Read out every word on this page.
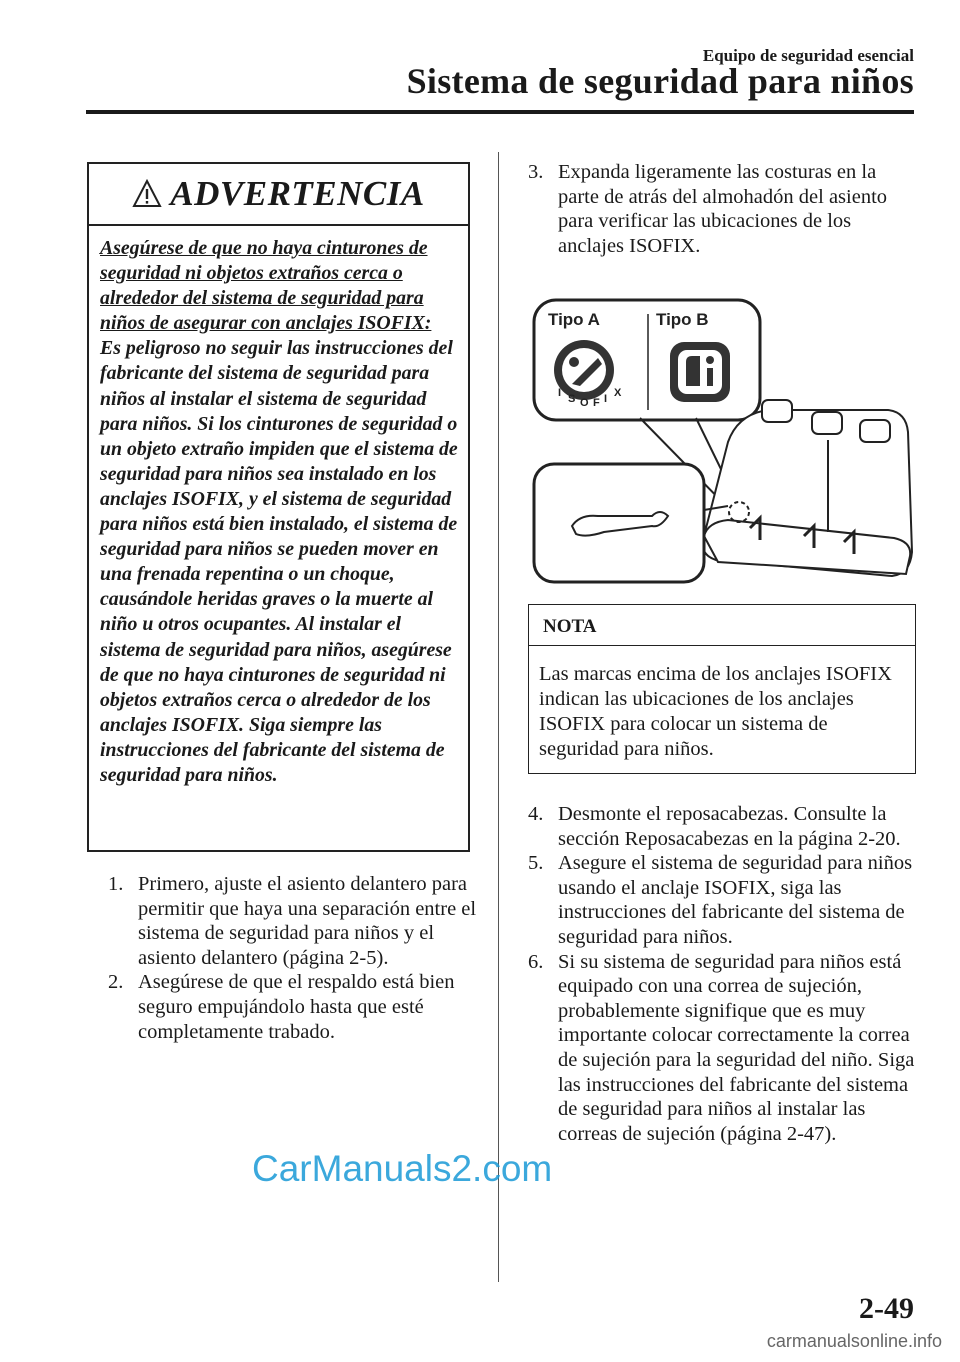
Equipo de seguridad esencial
Sistema de seguridad para niños
ADVERTENCIA
Asegúrese de que no haya cinturones de seguridad ni objetos extraños cerca o alrededor del sistema de seguridad para niños de asegurar con anclajes ISOFIX:
Es peligroso no seguir las instrucciones del fabricante del sistema de seguridad para niños al instalar el sistema de seguridad para niños. Si los cinturones de seguridad o un objeto extraño impiden que el sistema de seguridad para niños sea instalado en los anclajes ISOFIX, y el sistema de seguridad para niños está bien instalado, el sistema de seguridad para niños se pueden mover en una frenada repentina o un choque, causándole heridas graves o la muerte al niño u otros ocupantes. Al instalar el sistema de seguridad para niños, asegúrese de que no haya cinturones de seguridad ni objetos extraños cerca o alrededor de los anclajes ISOFIX. Siga siempre las instrucciones del fabricante del sistema de seguridad para niños.

1. Primero, ajuste el asiento delantero para permitir que haya una separación entre el sistema de seguridad para niños y el asiento delantero (página 2-5).

2. Asegúrese de que el respaldo está bien seguro empujándolo hasta que esté completamente trabado.

3. Expanda ligeramente las costuras en la parte de atrás del almohadón del asiento para verificar las ubicaciones de los anclajes ISOFIX.

Tipo A	Tipo B
I S O F I X
NOTA
Las marcas encima de los anclajes ISOFIX indican las ubicaciones de los anclajes ISOFIX para colocar un sistema de seguridad para niños.

4. Desmonte el reposacabezas. Consulte la sección Reposacabezas en la página 2-20.

5. Asegure el sistema de seguridad para niños usando el anclaje ISOFIX, siga las instrucciones del fabricante del sistema de seguridad para niños.

6. Si su sistema de seguridad para niños está equipado con una correa de sujeción, probablemente signifique que es muy importante colocar correctamente la correa de sujeción para la seguridad del niño. Siga las instrucciones del fabricante del sistema de seguridad para niños al instalar las correas de sujeción (página 2-47).

CarManuals2.com
2-49
carmanualsonline.info
